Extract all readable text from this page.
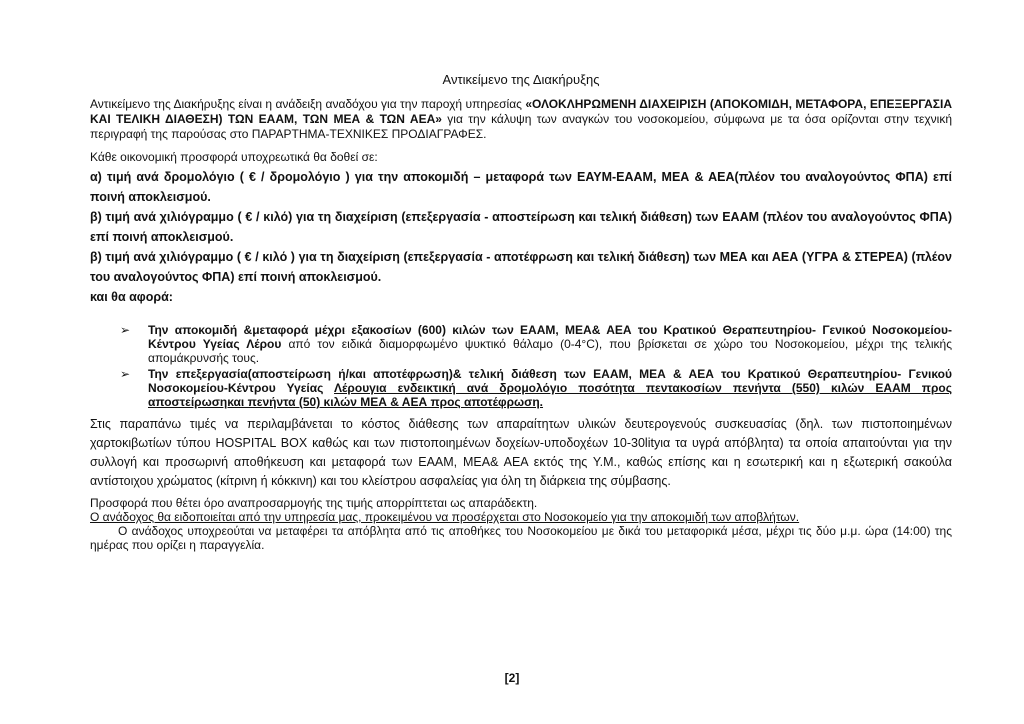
Αντικείμενο της Διακήρυξης

Αντικείμενο της Διακήρυξης είναι η ανάδειξη αναδόχου για την παροχή υπηρεσίας «ΟΛΟΚΛΗΡΩΜΕΝΗ ΔΙΑΧΕΙΡΙΣΗ (ΑΠΟΚΟΜΙΔΗ, ΜΕΤΑΦΟΡΑ, ΕΠΕΞΕΡΓΑΣΙΑ ΚΑΙ ΤΕΛΙΚΗ ΔΙΑΘΕΣΗ) ΤΩΝ ΕΑΑΜ, ΤΩΝ ΜΕΑ & ΤΩΝ ΑΕΑ» για την κάλυψη των αναγκών του νοσοκομείου, σύμφωνα με τα όσα ορίζονται στην τεχνική περιγραφή της παρούσας στο ΠΑΡΑΡΤΗΜΑ-ΤΕΧΝΙΚΕΣ ΠΡΟΔΙΑΓΡΑΦΕΣ.

Κάθε οικονομική προσφορά υποχρεωτικά θα δοθεί σε:

α) τιμή ανά δρομολόγιο ( € / δρομολόγιο ) για την αποκομιδή – μεταφορά των ΕΑΥΜ-ΕΑΑΜ, ΜΕΑ & ΑΕΑ(πλέον του αναλογούντος ΦΠΑ) επί ποινή αποκλεισμού.

β) τιμή ανά χιλιόγραμμο ( € / κιλό) για τη διαχείριση (επεξεργασία - αποστείρωση και τελική διάθεση) των ΕΑΑΜ (πλέον του αναλογούντος ΦΠΑ) επί ποινή αποκλεισμού.

β) τιμή ανά χιλιόγραμμο ( € / κιλό ) για τη διαχείριση (επεξεργασία - αποτέφρωση και τελική διάθεση) των ΜΕΑ και ΑΕΑ (ΥΓΡΑ & ΣΤΕΡΕΑ) (πλέον του αναλογούντος ΦΠΑ) επί ποινή αποκλεισμού.

και θα αφορά:

➢ Την αποκομιδή &μεταφορά μέχρι εξακοσίων (600) κιλών των ΕΑΑΜ, ΜΕΑ& ΑΕΑ του Κρατικού Θεραπευτηρίου- Γενικού Νοσοκομείου-Κέντρου Υγείας Λέρου από τον ειδικά διαμορφωμένο ψυκτικό θάλαμο (0-4°C), που βρίσκεται σε χώρο του Νοσοκομείου, μέχρι της τελικής απομάκρυνσής τους.
➢ Την επεξεργασία(αποστείρωση ή/και αποτέφρωση)& τελική διάθεση των ΕΑΑΜ, ΜΕΑ & ΑΕΑ του Κρατικού Θεραπευτηρίου- Γενικού Νοσοκομείου-Κέντρου Υγείας Λέρουγια ενδεικτική ανά δρομολόγιο ποσότητα πεντακοσίων πενήντα (550) κιλών ΕΑΑΜ προς αποστείρωσηκαι πενήντα (50) κιλών ΜΕΑ & ΑΕΑ προς αποτέφρωση.

Στις παραπάνω τιμές να περιλαμβάνεται το κόστος διάθεσης των απαραίτητων υλικών δευτερογενούς συσκευασίας (δηλ. των πιστοποιημένων χαρτοκιβωτίων τύπου HOSPITAL BOX καθώς και των πιστοποιημένων δοχείων-υποδοχέων 10-30lityια τα υγρά απόβλητα) τα οποία απαιτούνται για την συλλογή και προσωρινή αποθήκευση και μεταφορά των ΕΑΑΜ, ΜΕΑ& ΑΕΑ εκτός της Υ.Μ., καθώς επίσης και η εσωτερική και η εξωτερική σακούλα αντίστοιχου χρώματος (κίτρινη ή κόκκινη) και του κλείστρου ασφαλείας για όλη τη διάρκεια της σύμβασης.

Προσφορά που θέτει όρο αναπροσαρμογής της τιμής απορρίπτεται ως απαράδεκτη.

Ο ανάδοχος θα ειδοποιείται από την υπηρεσία μας, προκειμένου να προσέρχεται στο Νοσοκομείο για την αποκομιδή των αποβλήτων.

Ο ανάδοχος υποχρεούται να μεταφέρει τα απόβλητα από τις αποθήκες του Νοσοκομείου με δικά του μεταφορικά μέσα, μέχρι τις δύο μ.μ. ώρα (14:00) της ημέρας που ορίζει η παραγγελία.

[2]
